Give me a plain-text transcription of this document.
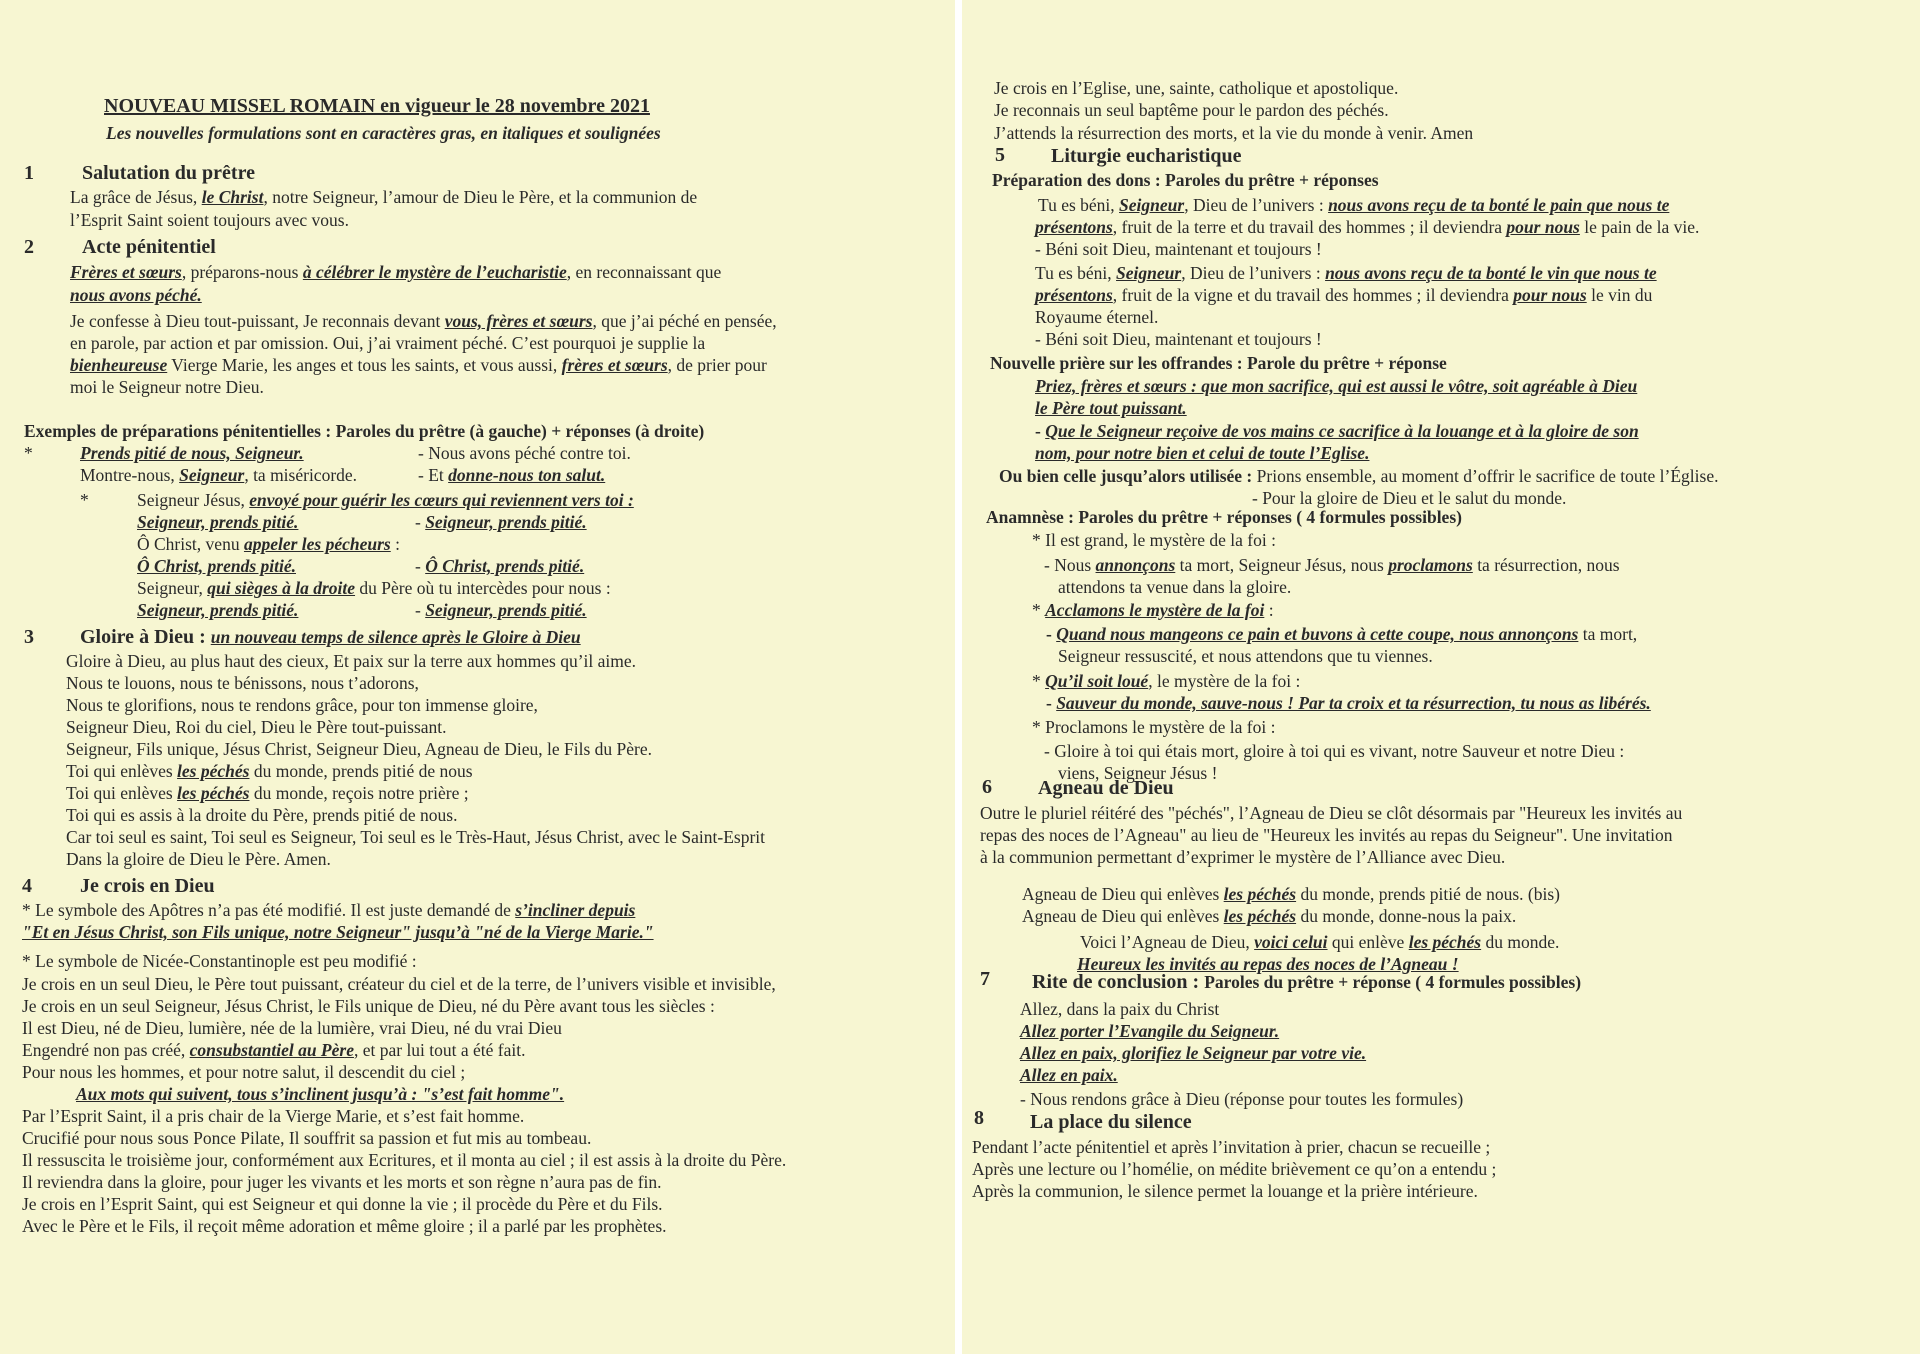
NOUVEAU MISSEL ROMAIN en vigueur le 28 novembre 2021
Les nouvelles formulations sont en caractères gras, en italiques et soulignées
1 Salutation du prêtre
La grâce de Jésus, le Christ, notre Seigneur, l’amour de Dieu le Père, et la communion de
l’Esprit Saint soient toujours avec vous.
2 Acte pénitentiel
Frères et sœurs, préparons-nous à célébrer le mystère de l’eucharistie, en reconnaissant que
nous avons péché.
Je confesse à Dieu tout-puissant, Je reconnais devant vous, frères et sœurs, que j’ai péché en pensée,
en parole, par action et par omission. Oui, j’ai vraiment péché. C’est pourquoi je supplie la
bienheureuse Vierge Marie, les anges et tous les saints, et vous aussi, frères et sœurs, de prier pour
moi le Seigneur notre Dieu.
Exemples de préparations pénitentielles : Paroles du prêtre (à gauche) + réponses (à droite)
*	Prends pitié de nous, Seigneur.	- Nous avons péché contre toi.
Montre-nous, Seigneur, ta miséricorde.	- Et donne-nous ton salut.
*	Seigneur Jésus, envoyé pour guérir les cœurs qui reviennent vers toi :
Seigneur, prends pitié.	- Seigneur, prends pitié.
Ô Christ, venu appeler les pécheurs :
Ô Christ, prends pitié.	- Ô Christ, prends pitié.
Seigneur, qui sièges à la droite du Père où tu intercèdes pour nous :
Seigneur, prends pitié.	- Seigneur, prends pitié.
3 Gloire à Dieu : un nouveau temps de silence après le Gloire à Dieu
Gloire à Dieu, au plus haut des cieux, Et paix sur la terre aux hommes qu’il aime.
Nous te louons, nous te bénissons, nous t’adorons,
Nous te glorifions, nous te rendons grâce, pour ton immense gloire,
Seigneur Dieu, Roi du ciel, Dieu le Père tout-puissant.
Seigneur, Fils unique, Jésus Christ, Seigneur Dieu, Agneau de Dieu, le Fils du Père.
Toi qui enlèves les péchés du monde, prends pitié de nous
Toi qui enlèves les péchés du monde, reçois notre prière ;
Toi qui es assis à la droite du Père, prends pitié de nous.
Car toi seul es saint, Toi seul es Seigneur, Toi seul es le Très-Haut, Jésus Christ, avec le Saint-Esprit
Dans la gloire de Dieu le Père. Amen.
4 Je crois en Dieu
* Le symbole des Apôtres n’a pas été modifié. Il est juste demandé de s’incliner depuis
"Et en Jésus Christ, son Fils unique, notre Seigneur" jusqu’à "né de la Vierge Marie."
* Le symbole de Nicée-Constantinople est peu modifié :
Je crois en un seul Dieu, le Père tout puissant, créateur du ciel et de la terre, de l’univers visible et invisible,
Je crois en un seul Seigneur, Jésus Christ, le Fils unique de Dieu, né du Père avant tous les siècles :
Il est Dieu, né de Dieu, lumière, née de la lumière, vrai Dieu, né du vrai Dieu
Engendré non pas créé, consubstantiel au Père, et par lui tout a été fait.
Pour nous les hommes, et pour notre salut, il descendit du ciel ;
Aux mots qui suivent, tous s’inclinent jusqu’à : "s’est fait homme".
Par l’Esprit Saint, il a pris chair de la Vierge Marie, et s’est fait homme.
Crucifié pour nous sous Ponce Pilate, Il souffrit sa passion et fut mis au tombeau.
Il ressuscita le troisième jour, conformément aux Ecritures, et il monta au ciel ; il est assis à la droite du Père.
Il reviendra dans la gloire, pour juger les vivants et les morts et son règne n’aura pas de fin.
Je crois en l’Esprit Saint, qui est Seigneur et qui donne la vie ; il procède du Père et du Fils.
Avec le Père et le Fils, il reçoit même adoration et même gloire ; il a parlé par les prophètes.
Je crois en l’Eglise, une, sainte, catholique et apostolique.
Je reconnais un seul baptême pour le pardon des péchés.
J’attends la résurrection des morts, et la vie du monde à venir. Amen
5 Liturgie eucharistique
Préparation des dons : Paroles du prêtre + réponses
Tu es béni, Seigneur, Dieu de l’univers : nous avons reçu de ta bonté le pain que nous te
présentons, fruit de la terre et du travail des hommes ; il deviendra pour nous le pain de la vie.
- Béni soit Dieu, maintenant et toujours !
Tu es béni, Seigneur, Dieu de l’univers : nous avons reçu de ta bonté le vin que nous te
présentons, fruit de la vigne et du travail des hommes ; il deviendra pour nous le vin du
Royaume éternel.
- Béni soit Dieu, maintenant et toujours !
Nouvelle prière sur les offrandes : Parole du prêtre + réponse
Priez, frères et sœurs : que mon sacrifice, qui est aussi le vôtre, soit agréable à Dieu
le Père tout puissant.
- Que le Seigneur reçoive de vos mains ce sacrifice à la louange et à la gloire de son
nom, pour notre bien et celui de toute l’Eglise.
Ou bien celle jusqu’alors utilisée : Prions ensemble, au moment d’offrir le sacrifice de toute l’Église.
- Pour la gloire de Dieu et le salut du monde.
Anamnèse : Paroles du prêtre + réponses ( 4 formules possibles)
* Il est grand, le mystère de la foi :
- Nous annonçons ta mort, Seigneur Jésus, nous proclamons ta résurrection, nous
attendons ta venue dans la gloire.
* Acclamons le mystère de la foi :
- Quand nous mangeons ce pain et buvons à cette coupe, nous annonçons ta mort,
Seigneur ressuscité, et nous attendons que tu viennes.
* Qu’il soit loué, le mystère de la foi :
- Sauveur du monde, sauve-nous ! Par ta croix et ta résurrection, tu nous as libérés.
* Proclamons le mystère de la foi :
- Gloire à toi qui étais mort, gloire à toi qui es vivant, notre Sauveur et notre Dieu :
viens, Seigneur Jésus !
6 Agneau de Dieu
Outre le pluriel réitéré des "péchés", l’Agneau de Dieu se clôt désormais par "Heureux les invités au
repas des noces de l’Agneau" au lieu de "Heureux les invités au repas du Seigneur". Une invitation
à la communion permettant d’exprimer le mystère de l’Alliance avec Dieu.
Agneau de Dieu qui enlèves les péchés du monde, prends pitié de nous. (bis)
Agneau de Dieu qui enlèves les péchés du monde, donne-nous la paix.
Voici l’Agneau de Dieu, voici celui qui enlève les péchés du monde.
Heureux les invités au repas des noces de l’Agneau !
7 Rite de conclusion : Paroles du prêtre + réponse ( 4 formules possibles)
Allez, dans la paix du Christ
Allez porter l’Evangile du Seigneur.
Allez en paix, glorifiez le Seigneur par votre vie.
Allez en paix.
- Nous rendons grâce à Dieu (réponse pour toutes les formules)
8 La place du silence
Pendant l’acte pénitentiel et après l’invitation à prier, chacun se recueille ;
Après une lecture ou l’homélie, on médite brièvement ce qu’on a entendu ;
Après la communion, le silence permet la louange et la prière intérieure.
